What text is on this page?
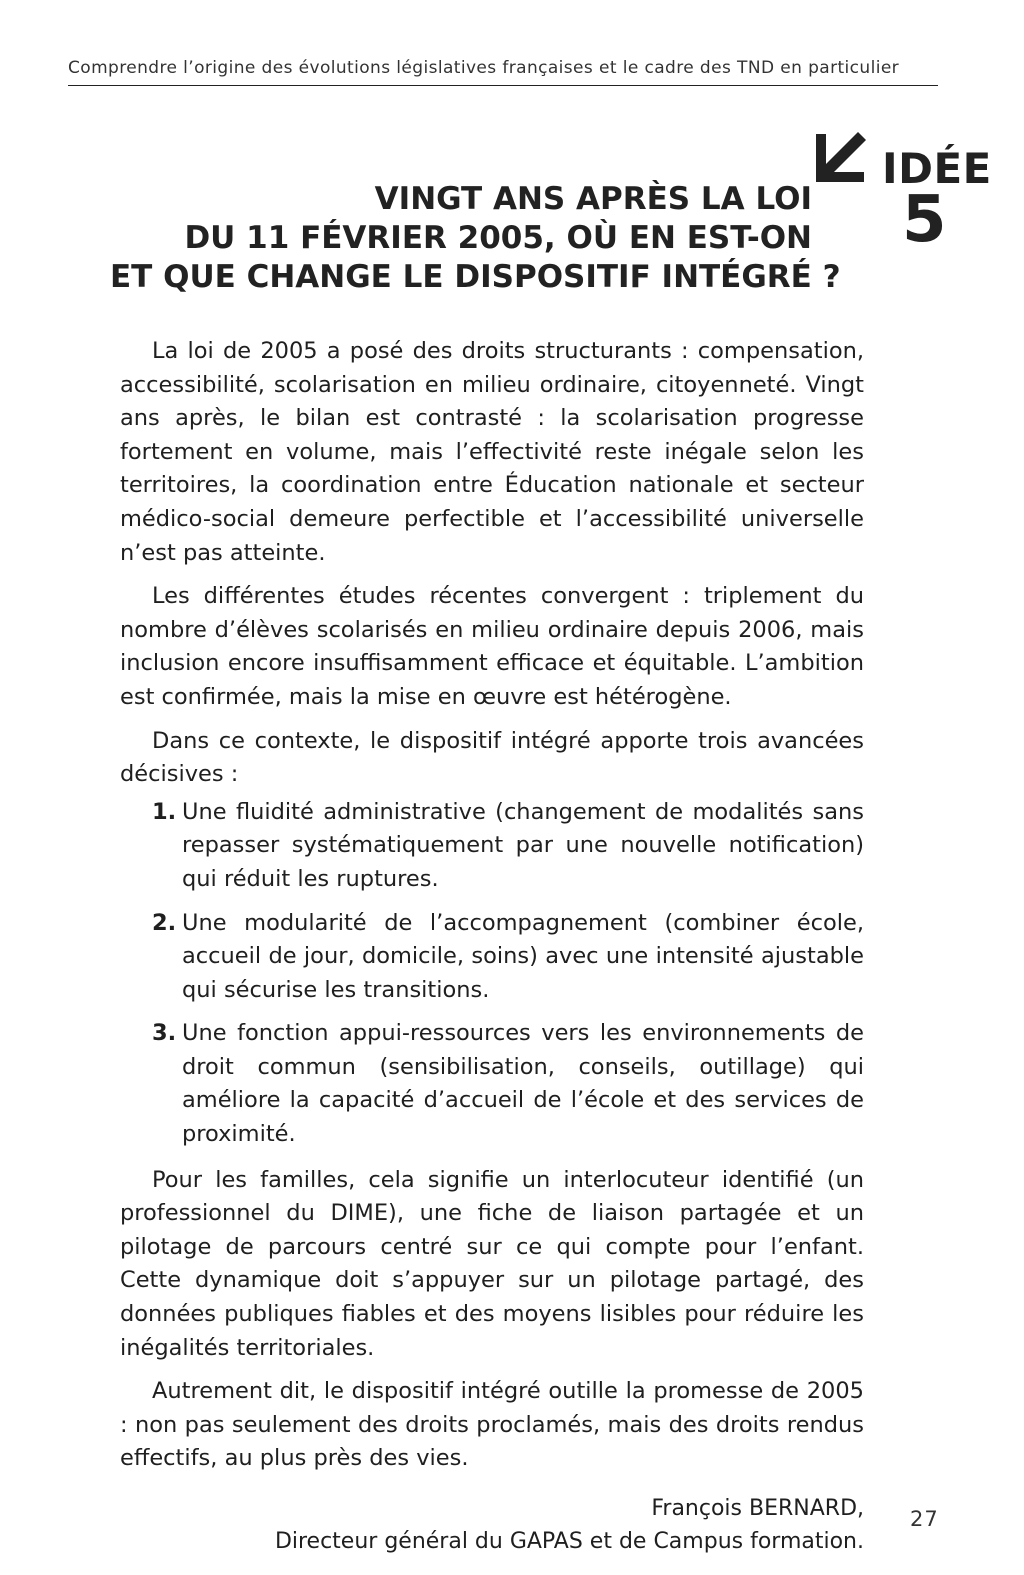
Comprendre l’origine des évolutions législatives françaises et le cadre des TND en particulier
IDÉE
5
VINGT ANS APRÈS LA LOI
DU 11 FÉVRIER 2005, OÙ EN EST-ON
ET QUE CHANGE LE DISPOSITIF INTÉGRÉ ?

La loi de 2005 a posé des droits structurants : compensation, accessibilité, scolarisation en milieu ordinaire, citoyenneté. Vingt ans après, le bilan est contrasté : la scolarisation progresse fortement en volume, mais l’effectivité reste inégale selon les territoires, la coordination entre Éducation nationale et secteur médico-social demeure perfectible et l’accessibilité universelle n’est pas atteinte.

Les différentes études récentes convergent : triplement du nombre d’élèves scolarisés en milieu ordinaire depuis 2006, mais inclusion encore insuffisamment efficace et équitable. L’ambition est confirmée, mais la mise en œuvre est hétérogène.

Dans ce contexte, le dispositif intégré apporte trois avancées décisives :

1. Une fluidité administrative (changement de modalités sans repasser systématiquement par une nouvelle notification) qui réduit les ruptures.
2. Une modularité de l’accompagnement (combiner école, accueil de jour, domicile, soins) avec une intensité ajustable qui sécurise les transitions.
3. Une fonction appui-ressources vers les environnements de droit commun (sensibilisation, conseils, outillage) qui améliore la capacité d’accueil de l’école et des services de proximité.

Pour les familles, cela signifie un interlocuteur identifié (un professionnel du DIME), une fiche de liaison partagée et un pilotage de parcours centré sur ce qui compte pour l’enfant. Cette dynamique doit s’appuyer sur un pilotage partagé, des données publiques fiables et des moyens lisibles pour réduire les inégalités territoriales.

Autrement dit, le dispositif intégré outille la promesse de 2005 : non pas seulement des droits proclamés, mais des droits rendus effectifs, au plus près des vies.

François BERNARD,
Directeur général du GAPAS et de Campus formation.
27
